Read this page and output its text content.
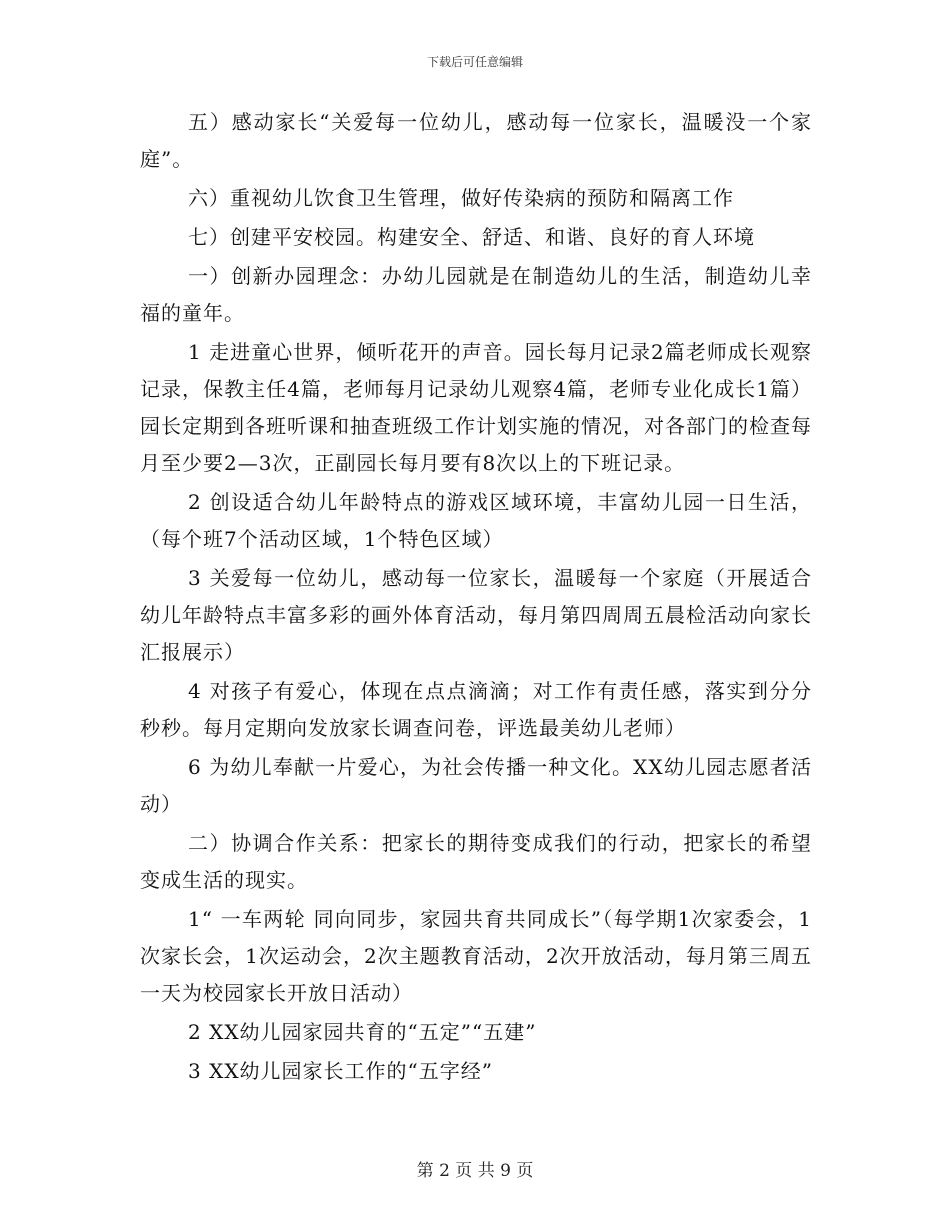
下载后可任意编辑

五）感动家长“关爱每一位幼儿，感动每一位家长，温暖没一个家庭”。

六）重视幼儿饮食卫生管理，做好传染病的预防和隔离工作

七）创建平安校园。构建安全、舒适、和谐、良好的育人环境

一）创新办园理念：办幼儿园就是在制造幼儿的生活，制造幼儿幸福的童年。

1 走进童心世界，倾听花开的声音。园长每月记录2篇老师成长观察记录，保教主任4篇，老师每月记录幼儿观察4篇，老师专业化成长1篇）园长定期到各班听课和抽查班级工作计划实施的情况，对各部门的检查每月至少要2—3次，正副园长每月要有8次以上的下班记录。

2 创设适合幼儿年龄特点的游戏区域环境，丰富幼儿园一日生活，（每个班7个活动区域，1个特色区域）

3 关爱每一位幼儿，感动每一位家长，温暖每一个家庭（开展适合幼儿年龄特点丰富多彩的画外体育活动，每月第四周周五晨检活动向家长汇报展示）

4 对孩子有爱心，体现在点点滴滴；对工作有责任感，落实到分分秒秒。每月定期向发放家长调查问卷，评选最美幼儿老师）

6 为幼儿奉献一片爱心，为社会传播一种文化。XX幼儿园志愿者活动）

二）协调合作关系：把家长的期待变成我们的行动，把家长的希望变成生活的现实。

1“ 一车两轮 同向同步，家园共育共同成长”（每学期1次家委会，1次家长会，1次运动会，2次主题教育活动，2次开放活动，每月第三周五一天为校园家长开放日活动）

2 XX幼儿园家园共育的“五定”“五建”

3 XX幼儿园家长工作的“五字经”

第 2 页 共 9 页
